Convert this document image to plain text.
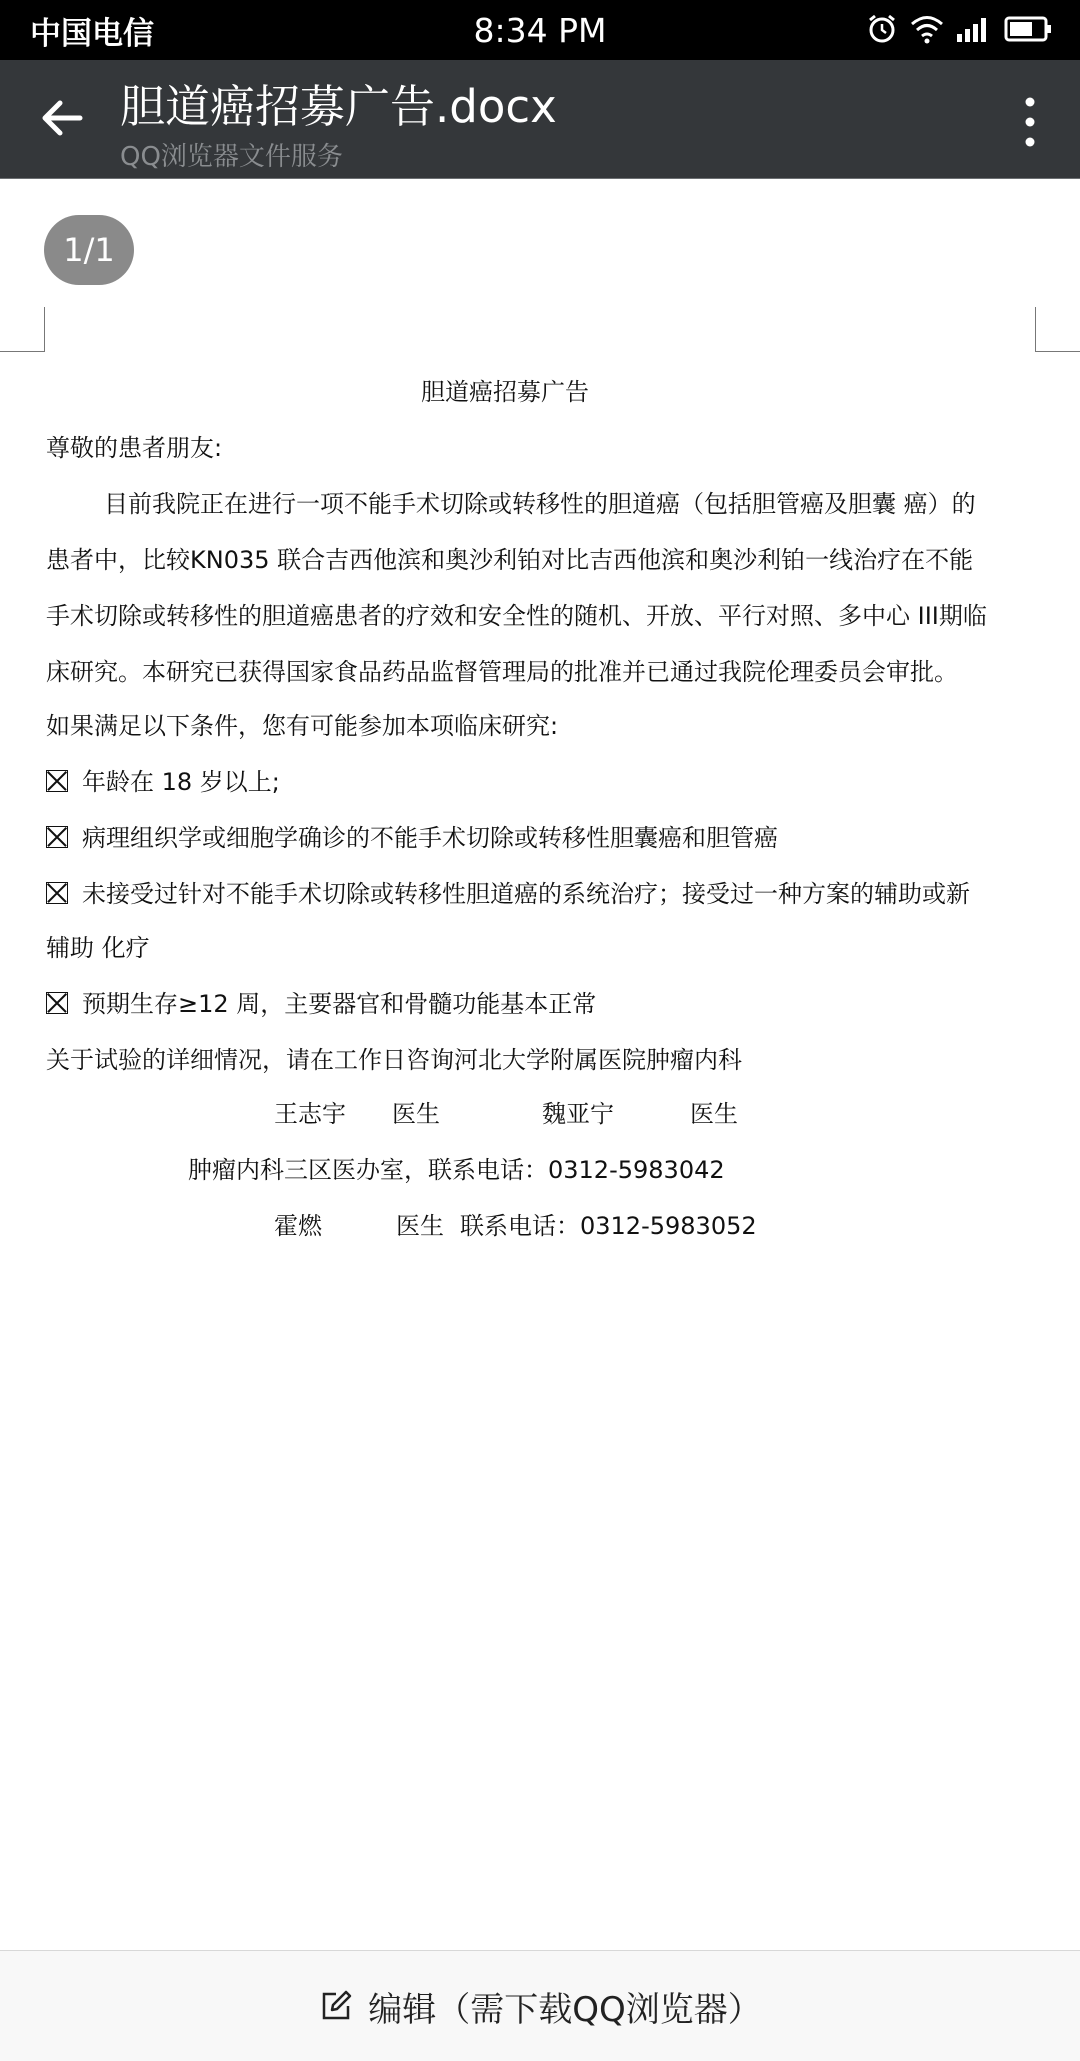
中国电信	8:34 PM
胆道癌招募广告.docx
QQ浏览器文件服务
1/1
胆道癌招募广告
尊敬的患者朋友:
目前我院正在进行一项不能手术切除或转移性的胆道癌（包括胆管癌及胆囊 癌）的
患者中，比较KN035 联合吉西他滨和奥沙利铂对比吉西他滨和奥沙利铂一线治疗在不能
手术切除或转移性的胆道癌患者的疗效和安全性的随机、开放、平行对照、多中心 III期临
床研究。本研究已获得国家食品药品监督管理局的批准并已通过我院伦理委员会审批。
如果满足以下条件，您有可能参加本项临床研究:
年龄在 18 岁以上;
病理组织学或细胞学确诊的不能手术切除或转移性胆囊癌和胆管癌
未接受过针对不能手术切除或转移性胆道癌的系统治疗；接受过一种方案的辅助或新
辅助 化疗
预期生存≥12 周，主要器官和骨髓功能基本正常
关于试验的详细情况，请在工作日咨询河北大学附属医院肿瘤内科
王志宇 医生	魏亚宁	医生
肿瘤内科三区医办室，联系电话：0312-5983042
霍燃	医生 联系电话：0312-5983052
编辑（需下载QQ浏览器）
